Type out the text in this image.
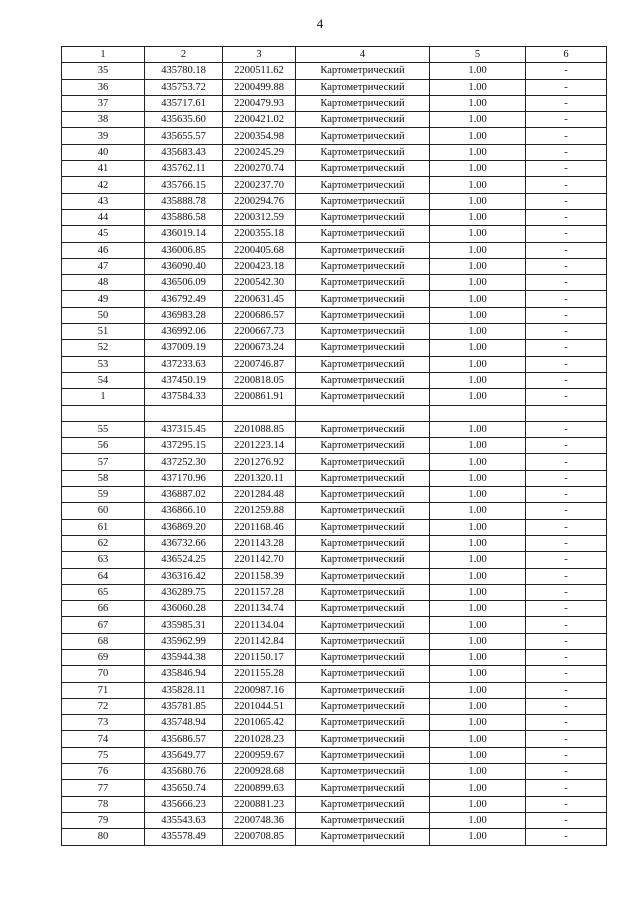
4
1	2	3	4	5	6
35	435780.18	2200511.62	Картометрический	1.00	-
36	435753.72	2200499.88	Картометрический	1.00	-
37	435717.61	2200479.93	Картометрический	1.00	-
38	435635.60	2200421.02	Картометрический	1.00	-
39	435655.57	2200354.98	Картометрический	1.00	-
40	435683.43	2200245.29	Картометрический	1.00	-
41	435762.11	2200270.74	Картометрический	1.00	-
42	435766.15	2200237.70	Картометрический	1.00	-
43	435888.78	2200294.76	Картометрический	1.00	-
44	435886.58	2200312.59	Картометрический	1.00	-
45	436019.14	2200355.18	Картометрический	1.00	-
46	436006.85	2200405.68	Картометрический	1.00	-
47	436090.40	2200423.18	Картометрический	1.00	-
48	436506.09	2200542.30	Картометрический	1.00	-
49	436792.49	2200631.45	Картометрический	1.00	-
50	436983.28	2200686.57	Картометрический	1.00	-
51	436992.06	2200667.73	Картометрический	1.00	-
52	437009.19	2200673.24	Картометрический	1.00	-
53	437233.63	2200746.87	Картометрический	1.00	-
54	437450.19	2200818.05	Картометрический	1.00	-
1	437584.33	2200861.91	Картометрический	1.00	-

55	437315.45	2201088.85	Картометрический	1.00	-
56	437295.15	2201223.14	Картометрический	1.00	-
57	437252.30	2201276.92	Картометрический	1.00	-
58	437170.96	2201320.11	Картометрический	1.00	-
59	436887.02	2201284.48	Картометрический	1.00	-
60	436866.10	2201259.88	Картометрический	1.00	-
61	436869.20	2201168.46	Картометрический	1.00	-
62	436732.66	2201143.28	Картометрический	1.00	-
63	436524.25	2201142.70	Картометрический	1.00	-
64	436316.42	2201158.39	Картометрический	1.00	-
65	436289.75	2201157.28	Картометрический	1.00	-
66	436060.28	2201134.74	Картометрический	1.00	-
67	435985.31	2201134.04	Картометрический	1.00	-
68	435962.99	2201142.84	Картометрический	1.00	-
69	435944.38	2201150.17	Картометрический	1.00	-
70	435846.94	2201155.28	Картометрический	1.00	-
71	435828.11	2200987.16	Картометрический	1.00	-
72	435781.85	2201044.51	Картометрический	1.00	-
73	435748.94	2201065.42	Картометрический	1.00	-
74	435686.57	2201028.23	Картометрический	1.00	-
75	435649.77	2200959.67	Картометрический	1.00	-
76	435680.76	2200928.68	Картометрический	1.00	-
77	435650.74	2200899.63	Картометрический	1.00	-
78	435666.23	2200881.23	Картометрический	1.00	-
79	435543.63	2200748.36	Картометрический	1.00	-
80	435578.49	2200708.85	Картометрический	1.00	-
